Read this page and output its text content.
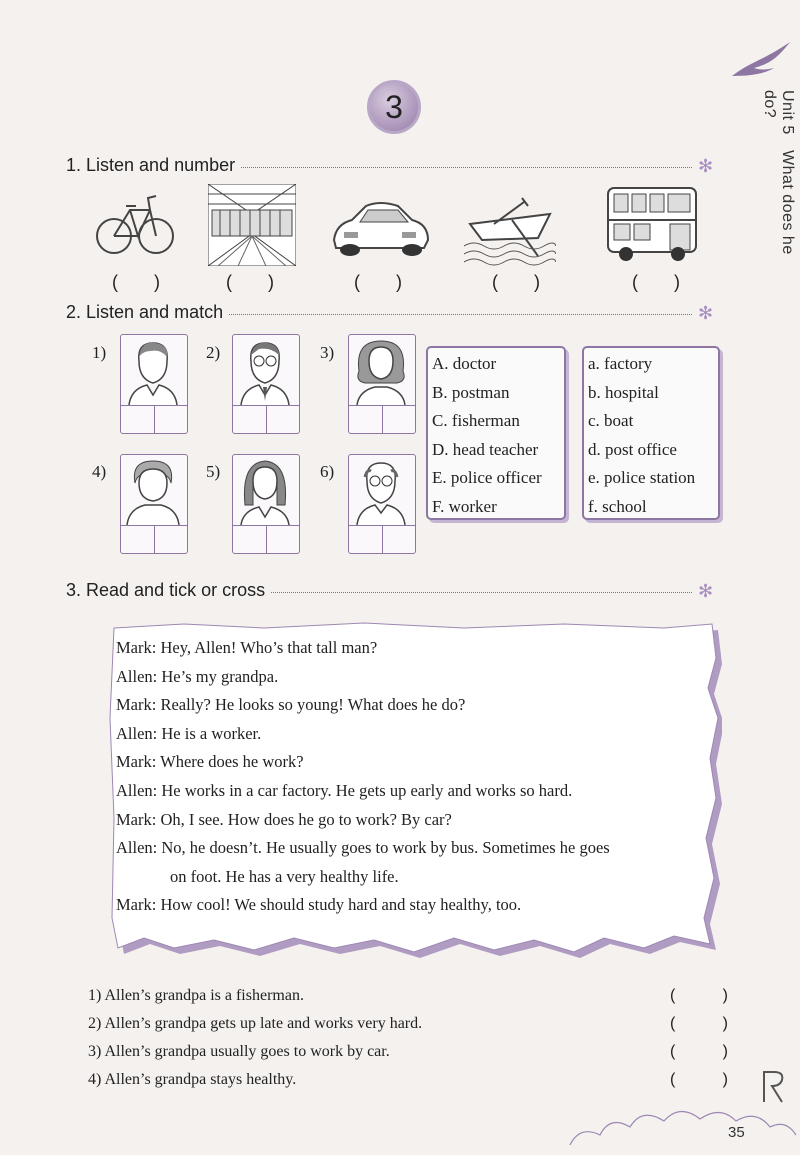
3	Unit 5 What does he do?
1. Listen and number	✻
( )	( )	( )	( )	( )
2. Listen and match	✻
1)	2)	3)
4)	5)	6)
A. doctor
B. postman
C. fisherman
D. head teacher
E. police officer
F. worker
a. factory
b. hospital
c. boat
d. post office
e. police station
f. school
3. Read and tick or cross	✻
Mark: Hey, Allen! Who’s that tall man?
Allen: He’s my grandpa.
Mark: Really? He looks so young! What does he do?
Allen: He is a worker.
Mark: Where does he work?
Allen: He works in a car factory. He gets up early and works so hard.
Mark: Oh, I see. How does he go to work? By car?
Allen: No, he doesn’t. He usually goes to work by bus. Sometimes he goes
on foot. He has a very healthy life.
Mark: How cool! We should study hard and stay healthy, too.
1) Allen’s grandpa is a fisherman.	(	)
2) Allen’s grandpa gets up late and works very hard.	(	)
3) Allen’s grandpa usually goes to work by car.	(	)
4) Allen’s grandpa stays healthy.	(	)
35
